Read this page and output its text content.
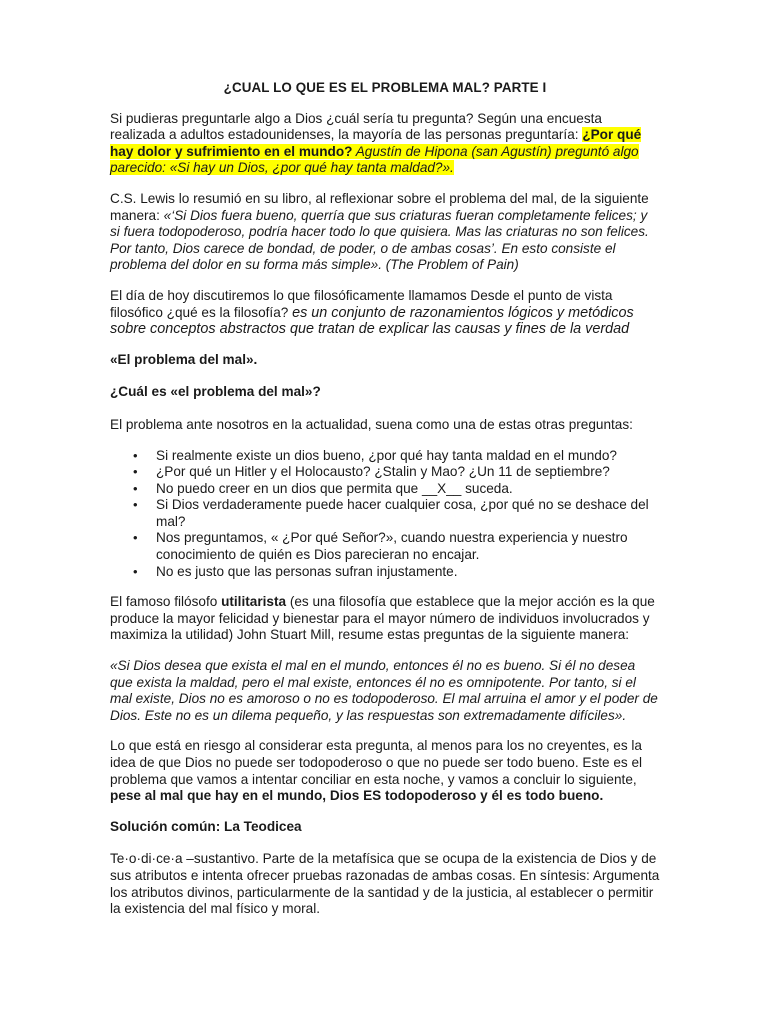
¿CUAL LO QUE ES EL PROBLEMA MAL? PARTE I

Si pudieras preguntarle algo a Dios ¿cuál sería tu pregunta? Según una encuesta realizada a adultos estadounidenses, la mayoría de las personas preguntaría: ¿Por qué hay dolor y sufrimiento en el mundo? Agustín de Hipona (san Agustín) preguntó algo parecido: «Si hay un Dios, ¿por qué hay tanta maldad?».

C.S. Lewis lo resumió en su libro, al reflexionar sobre el problema del mal, de la siguiente manera: «‘Si Dios fuera bueno, querría que sus criaturas fueran completamente felices; y si fuera todopoderoso, podría hacer todo lo que quisiera. Mas las criaturas no son felices. Por tanto, Dios carece de bondad, de poder, o de ambas cosas’. En esto consiste el problema del dolor en su forma más simple». (The Problem of Pain)

El día de hoy discutiremos lo que filosóficamente llamamos Desde el punto de vista filosófico ¿qué es la filosofía? es un conjunto de razonamientos lógicos y metódicos sobre conceptos abstractos que tratan de explicar las causas y fines de la verdad

«El problema del mal».
¿Cuál es «el problema del mal»?

El problema ante nosotros en la actualidad, suena como una de estas otras preguntas:

• Si realmente existe un dios bueno, ¿por qué hay tanta maldad en el mundo?
• ¿Por qué un Hitler y el Holocausto? ¿Stalin y Mao? ¿Un 11 de septiembre?
• No puedo creer en un dios que permita que __X__ suceda.
• Si Dios verdaderamente puede hacer cualquier cosa, ¿por qué no se deshace del mal?
• Nos preguntamos, « ¿Por qué Señor?», cuando nuestra experiencia y nuestro conocimiento de quién es Dios parecieran no encajar.
• No es justo que las personas sufran injustamente.

El famoso filósofo utilitarista (es una filosofía que establece que la mejor acción es la que produce la mayor felicidad y bienestar para el mayor número de individuos involucrados y maximiza la utilidad) John Stuart Mill, resume estas preguntas de la siguiente manera:

«Si Dios desea que exista el mal en el mundo, entonces él no es bueno. Si él no desea que exista la maldad, pero el mal existe, entonces él no es omnipotente. Por tanto, si el mal existe, Dios no es amoroso o no es todopoderoso. El mal arruina el amor y el poder de Dios. Este no es un dilema pequeño, y las respuestas son extremadamente difíciles».

Lo que está en riesgo al considerar esta pregunta, al menos para los no creyentes, es la idea de que Dios no puede ser todopoderoso o que no puede ser todo bueno. Este es el problema que vamos a intentar conciliar en esta noche, y vamos a concluir lo siguiente, pese al mal que hay en el mundo, Dios ES todopoderoso y él es todo bueno.

Solución común: La Teodicea

Te·o·di·ce·a –sustantivo. Parte de la metafísica que se ocupa de la existencia de Dios y de sus atributos e intenta ofrecer pruebas razonadas de ambas cosas. En síntesis: Argumenta los atributos divinos, particularmente de la santidad y de la justicia, al establecer o permitir la existencia del mal físico y moral.
